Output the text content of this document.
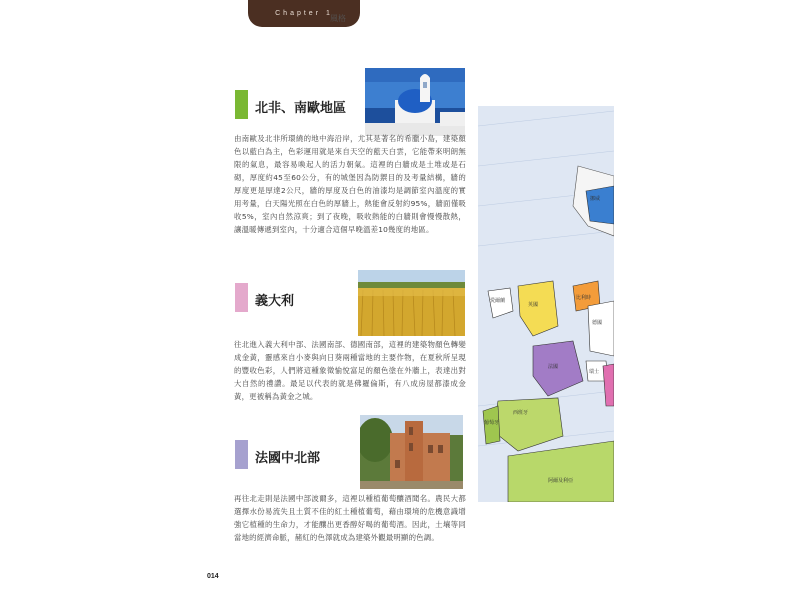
Chapter 1
風格
北非、南歐地區
由南歐及北非所環繞的地中海沿岸，尤其是著名的希臘小島，建築顏色以藍白為主，色彩運用就是來自天空的藍天白雲，它能帶來明朗無限的氣息，最容易喚起人的活力朝氣。這裡的白牆成是土堆或是石砌，厚度約45至60公分，有的城堡因為防禦目的及考量結構，牆的厚度更是厚達2公尺，牆的厚度及白色的油漆均是調節室內溫度的實用考量，白天陽光照在白色的厚牆上，熱能會反射約95%，牆面僅吸收5%，室內自然涼爽；到了夜晚，吸收熱能的白牆則會慢慢散熱，讓溫暖傳遞到室內，十分適合這個早晚溫差10幾度的地區。
義大利
往北進入義大利中部、法國南部、德國南部，這裡的建築物顏色轉變成金黃，靈感來自小麥與向日葵兩種當地的主要作物，在夏秋所呈現的豐收色彩，人們將這種象徵愉悅富足的顏色塗在外牆上，表達出對大自然的禮讚。最足以代表的就是佛羅倫斯，有八成房屋都漆成金黃，更被稱為黃金之城。
法國中北部
再往北走則是法國中部波爾多，這裡以種植葡萄釀酒聞名。農民大都選擇水份易流失且土質不佳的紅土種植葡萄，藉由環境的危機意識增強它植種的生命力，才能釀出更香醇好喝的葡萄酒。因此，土壤等同當地的經濟命脈，赭紅的色澤就成為建築外觀最明顯的色調。
014
挪威
英國
愛爾蘭	比利時
德國
法國
瑞士
西班牙
葡萄牙
阿爾及利亞
